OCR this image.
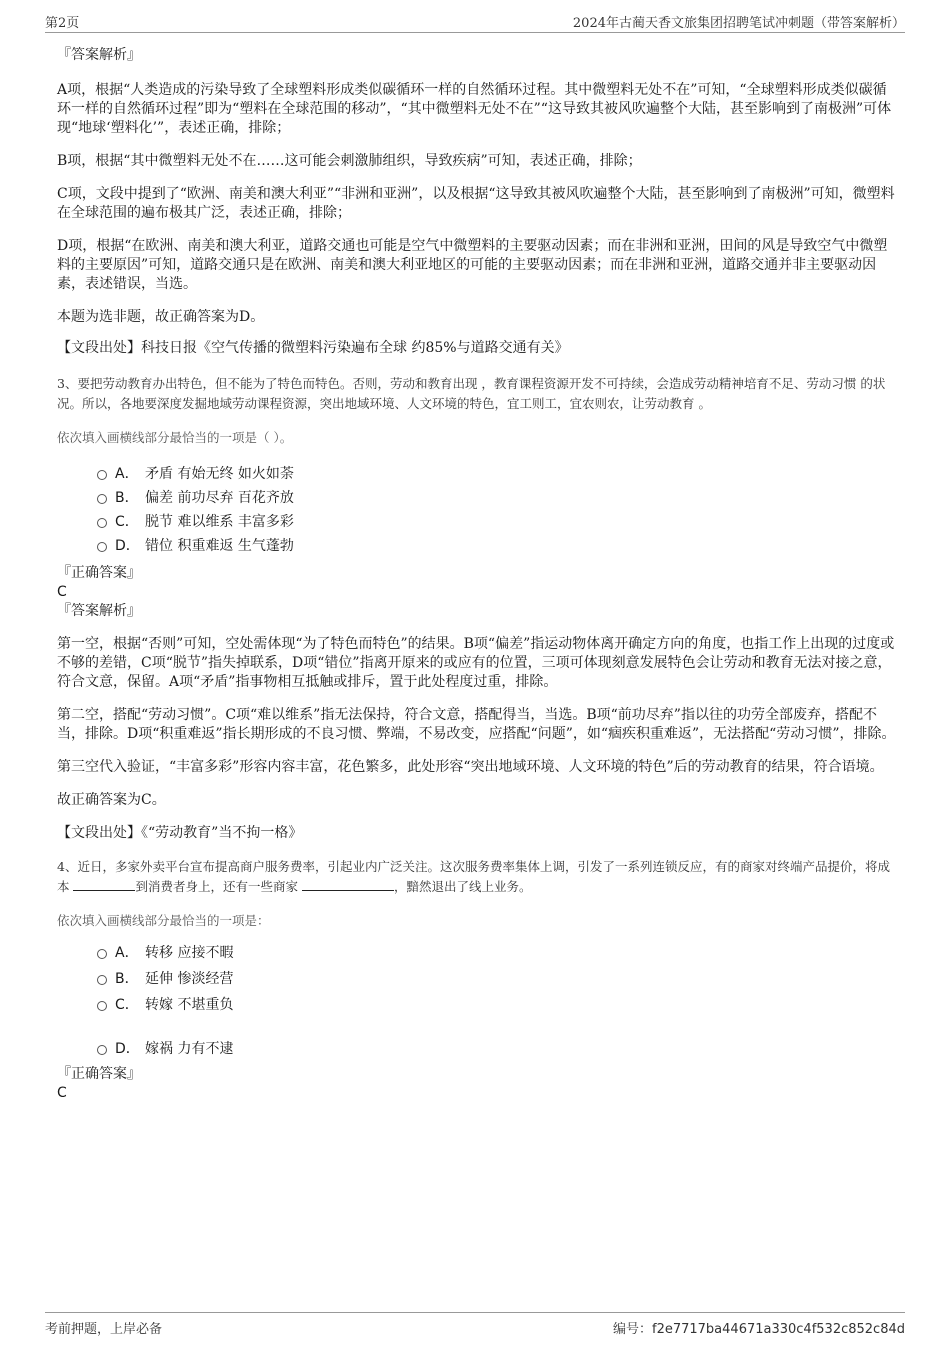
第2页	2024年古蔺天香文旅集团招聘笔试冲刺题（带答案解析）

『答案解析』

A项，根据“人类造成的污染导致了全球塑料形成类似碳循环一样的自然循环过程。其中微塑料无处不在”可知，“全球塑料形成类似碳循环一样的自然循环过程”即为“塑料在全球范围的移动”，“其中微塑料无处不在”“这导致其被风吹遍整个大陆，甚至影响到了南极洲”可体现“地球‘塑料化’”，表述正确，排除；

B项，根据“其中微塑料无处不在……这可能会刺激肺组织，导致疾病”可知，表述正确，排除；

C项，文段中提到了“欧洲、南美和澳大利亚”“非洲和亚洲”，以及根据“这导致其被风吹遍整个大陆，甚至影响到了南极洲”可知，微塑料在全球范围的遍布极其广泛，表述正确，排除；

D项，根据“在欧洲、南美和澳大利亚，道路交通也可能是空气中微塑料的主要驱动因素；而在非洲和亚洲，田间的风是导致空气中微塑料的主要原因”可知，道路交通只是在欧洲、南美和澳大利亚地区的可能的主要驱动因素；而在非洲和亚洲，道路交通并非主要驱动因素，表述错误，当选。

本题为选非题，故正确答案为D。

【文段出处】科技日报《空气传播的微塑料污染遍布全球 约85%与道路交通有关》

3、要把劳动教育办出特色，但不能为了特色而特色。否则，劳动和教育出现 ，教育课程资源开发不可持续，会造成劳动精神培育不足、劳动习惯 的状况。所以，各地要深度发掘地域劳动课程资源，突出地域环境、人文环境的特色，宜工则工，宜农则农，让劳动教育 。

依次填入画横线部分最恰当的一项是（ ）。

A． 矛盾 有始无终 如火如荼
B． 偏差 前功尽弃 百花齐放
C． 脱节 难以维系 丰富多彩
D． 错位 积重难返 生气蓬勃

『正确答案』

C

『答案解析』

第一空，根据“否则”可知，空处需体现“为了特色而特色”的结果。B项“偏差”指运动物体离开确定方向的角度，也指工作上出现的过度或不够的差错，C项“脱节”指失掉联系，D项“错位”指离开原来的或应有的位置，三项可体现刻意发展特色会让劳动和教育无法对接之意，符合文意，保留。A项“矛盾”指事物相互抵触或排斥，置于此处程度过重，排除。

第二空，搭配“劳动习惯”。C项“难以维系”指无法保持，符合文意，搭配得当，当选。B项“前功尽弃”指以往的功劳全部废弃，搭配不当，排除。D项“积重难返”指长期形成的不良习惯、弊端，不易改变，应搭配“问题”，如“痼疾积重难返”，无法搭配“劳动习惯”，排除。

第三空代入验证，“丰富多彩”形容内容丰富，花色繁多，此处形容“突出地域环境、人文环境的特色”后的劳动教育的结果，符合语境。

故正确答案为C。

【文段出处】《“劳动教育”当不拘一格》

4、近日，多家外卖平台宣布提高商户服务费率，引起业内广泛关注。这次服务费率集体上调，引发了一系列连锁反应，有的商家对终端产品提价，将成本	到消费者身上，还有一些商家	，黯然退出了线上业务。

依次填入画横线部分最恰当的一项是：

A． 转移 应接不暇
B． 延伸 惨淡经营
C． 转嫁 不堪重负
D． 嫁祸 力有不逮

『正确答案』

C

考前押题，上岸必备	编号：f2e7717ba44671a330c4f532c852c84d
